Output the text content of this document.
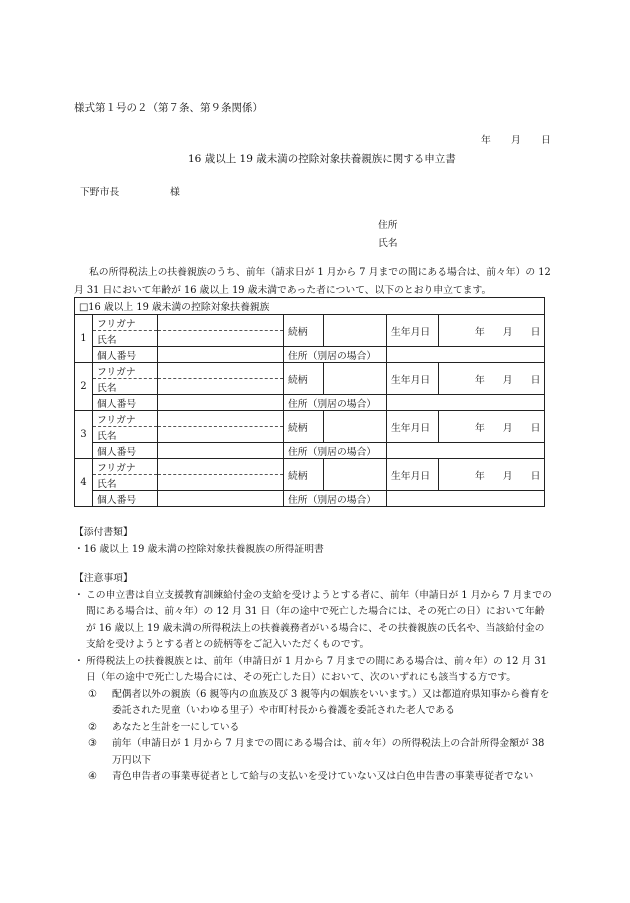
様式第１号の２（第７条、第９条関係）
年 月 日
16 歳以上 19 歳未満の控除対象扶養親族に関する申立書
下野市長	様
住所
氏名
私の所得税法上の扶養親族のうち、前年（請求日が 1 月から 7 月までの間にある場合は、前々年）の 12
月 31 日において年齢が 16 歳以上 19 歳未満であった者について、以下のとおり申立てます。
□16 歳以上 19 歳未満の控除対象扶養親族						
1	フリガナ		続柄		生年月日	年 月 日
	氏名					
	個人番号		住所（別居の場合）			
2	フリガナ		続柄		生年月日	年 月 日
	氏名					
	個人番号		住所（別居の場合）			
3	フリガナ		続柄		生年月日	年 月 日
	氏名					
	個人番号		住所（別居の場合）			
4	フリガナ		続柄		生年月日	年 月 日
	氏名					
	個人番号		住所（別居の場合）			
【添付書類】
・16 歳以上 19 歳未満の控除対象扶養親族の所得証明書

【注意事項】

・ この申立書は自立支援教育訓練給付金の支給を受けようとする者に、前年（申請日が 1 月から 7 月までの間にある場合は、前々年）の 12 月 31 日（年の途中で死亡した場合には、その死亡の日）において年齢が 16 歳以上 19 歳未満の所得税法上の扶養義務者がいる場合に、その扶養親族の氏名や、当該給付金の支給を受けようとする者との続柄等をご記入いただくものです。

・ 所得税法上の扶養親族とは、前年（申請日が 1 月から 7 月までの間にある場合は、前々年）の 12 月 31 日（年の途中で死亡した場合には、その死亡した日）において、次のいずれにも該当する方です。

① 配偶者以外の親族（6 親等内の血族及び 3 親等内の姻族をいいます。）又は都道府県知事から養育を委託された児童（いわゆる里子）や市町村長から養護を委託された老人である

② あなたと生計を一にしている

③ 前年（申請日が 1 月から 7 月までの間にある場合は、前々年）の所得税法上の合計所得金額が 38 万円以下

④ 青色申告者の事業専従者として給与の支払いを受けていない又は白色申告書の事業専従者でない
